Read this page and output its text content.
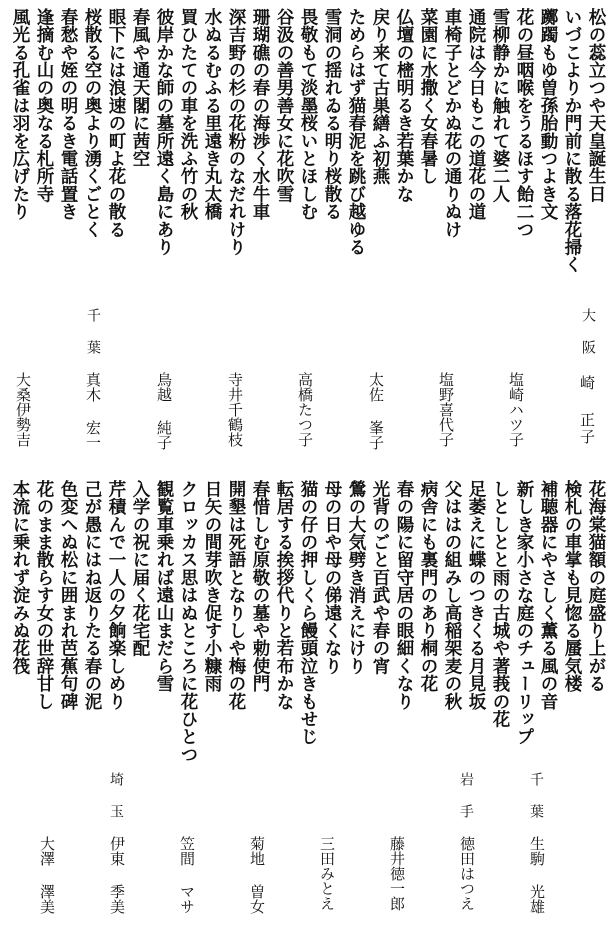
松の蕊立つや天皇誕生日
いづこよりか門前に散る落花掃く
躑躅もゆ曽孫胎動つよき文
花の昼咽喉をうるほす飴二つ
雪柳静かに触れて婆二人
通院は今日もこの道花の道
車椅子とどかぬ花の通りぬけ
菜園に水撒く女春暑し
仏壇の樒明るき若葉かな
戻り来て古巣繕ふ初燕
ためらはず猫春泥を跳び越ゆる
雪洞の揺れゐる明り桜散る
畏敬もて淡墨桜いとほしむ
谷汲の善男善女に花吹雪
珊瑚礁の春の海渉く水牛車
深吉野の杉の花粉のなだれけり
水ぬるむふる里遠き丸太橋
買ひたての車を洗ふ竹の秋
彼岸かな師の墓所遠く島にあり
春風や通天閣に茜空
眼下には浪速の町よ花の散る
桜散る空の奥より湧くごとく
春愁や姪の明るき電話置き
逢摘む山の奥なる札所寺
風光る孔雀は羽を広げたり
大阪
崎 正子
塩崎ハツ子
塩野喜代子
太佐 峯子
高橋たつ子
寺井千鶴枝
鳥越 純子
千葉
真木 宏一
大桑伊勢吉
花海棠猫額の庭盛り上がる
検札の車掌も見惚る蜃気楼
補聴器にやさしく薫る風の音
新しき家小さな庭のチューリップ
しとしとと雨の古城や著莪の花
足萎えに蝶のつきくる月見坂
父ははの組みし高稲架麦の秋
病舎にも裏門のあり桐の花
春の陽に留守居の眼細くなり
光背のごと百武や春の宵
鶯の大気劈き消えにけり
母の日や母の俤遠くなり
猫の仔の押しくら饅頭泣きもせじ
転居する挨拶代りと若布かな
春惜しむ原敬の墓や勅使門
開墾は死語となりしや梅の花
日矢の間芽吹き促す小糠雨
クロッカス思はぬところに花ひとつ
観覧車乗れば遠山まだら雪
入学の祝に届く花宅配
芹積んで一人の夕餉楽しめり
己が愚にはね返りたる春の泥
色変へぬ松に囲まれ芭蕉句碑
花のまま散らす女の世辞甘し
本流に乗れず淀みぬ花筏
千葉
生駒 光雄
岩手
徳田はつえ
藤井徳一郎
三田みとえ
菊地 曽女
笠間 マサ
埼玉
伊東 季美
大澤 澤美
